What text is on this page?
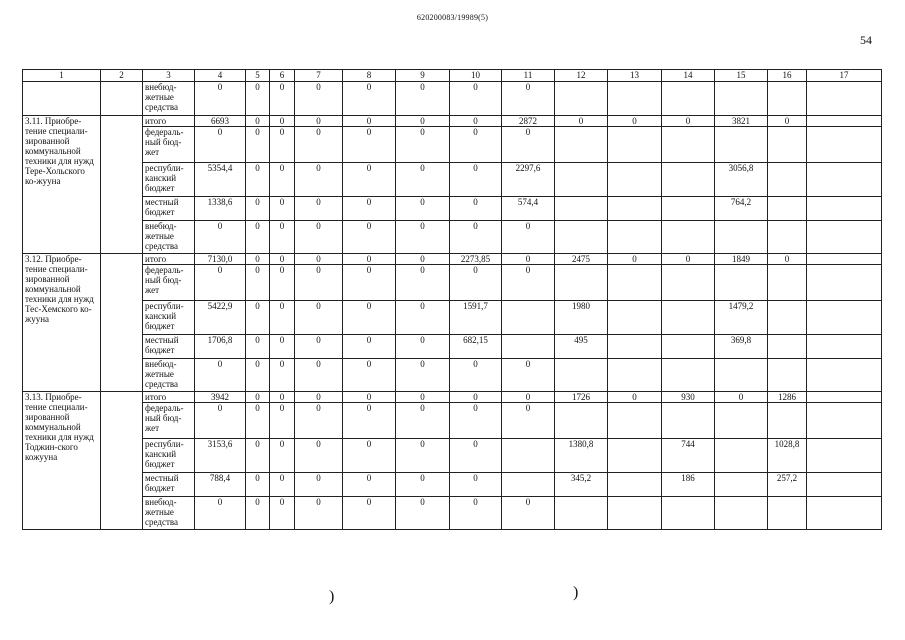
620200083/19989(5)
54
1	2	3	4	5	6	7	8	9	10	11	12	13	14	15	16	17
		внебюд-жетные средства	0	0	0	0	0	0	0	0						
3.11. Приобре-тение специали-зированной коммунальной техники для нужд Тере-Хольского ко-жууна		итого	6693	0	0	0	0	0	0	2872	0	0	0	3821	0	
		федераль-ный бюд-жет	0	0	0	0	0	0	0	0						
		республи-канский бюджет	5354,4	0	0	0	0	0	0	2297,6				3056,8		
		местный бюджет	1338,6	0	0	0	0	0	0	574,4				764,2		
		внебюд-жетные средства	0	0	0	0	0	0	0	0						
3.12. Приобре-тение специали-зированной коммунальной техники для нужд Тес-Хемского ко-жууна		итого	7130,0	0	0	0	0	0	2273,85	0	2475	0	0	1849	0	
		федераль-ный бюд-жет	0	0	0	0	0	0	0	0						
		республи-канский бюджет	5422,9	0	0	0	0	0	1591,7		1980			1479,2		
		местный бюджет	1706,8	0	0	0	0	0	682,15		495			369,8		
		внебюд-жетные средства	0	0	0	0	0	0	0	0						
3.13. Приобре-тение специали-зированной коммунальной техники для нужд Тоджин-ского кожууна		итого	3942	0	0	0	0	0	0	0	1726	0	930	0	1286	
		федераль-ный бюд-жет	0	0	0	0	0	0	0	0						
		республи-канский бюджет	3153,6	0	0	0	0	0	0		1380,8		744		1028,8	
		местный бюджет	788,4	0	0	0	0	0	0		345,2		186		257,2	
		внебюд-жетные средства	0	0	0	0	0	0	0	0						
)	)
